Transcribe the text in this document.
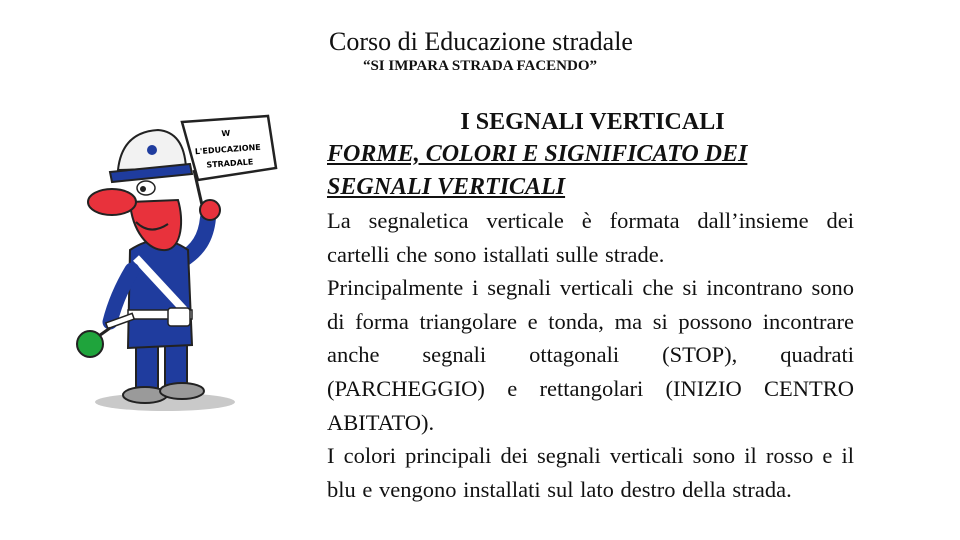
Corso di Educazione stradale
“SI IMPARA STRADA FACENDO”
W
L'EDUCAZIONE
STRADALE
I SEGNALI VERTICALI
FORME, COLORI E SIGNIFICATO DEI SEGNALI VERTICALI

La segnaletica verticale è formata dall’insieme dei cartelli che sono istallati sulle strade.

Principalmente i segnali verticali che si incontrano sono di forma triangolare e tonda, ma si possono incontrare anche segnali ottagonali (STOP), quadrati (PARCHEGGIO) e rettangolari (INIZIO CENTRO ABITATO).

I colori principali dei segnali verticali sono il rosso e il blu e vengono installati sul lato destro della strada.
